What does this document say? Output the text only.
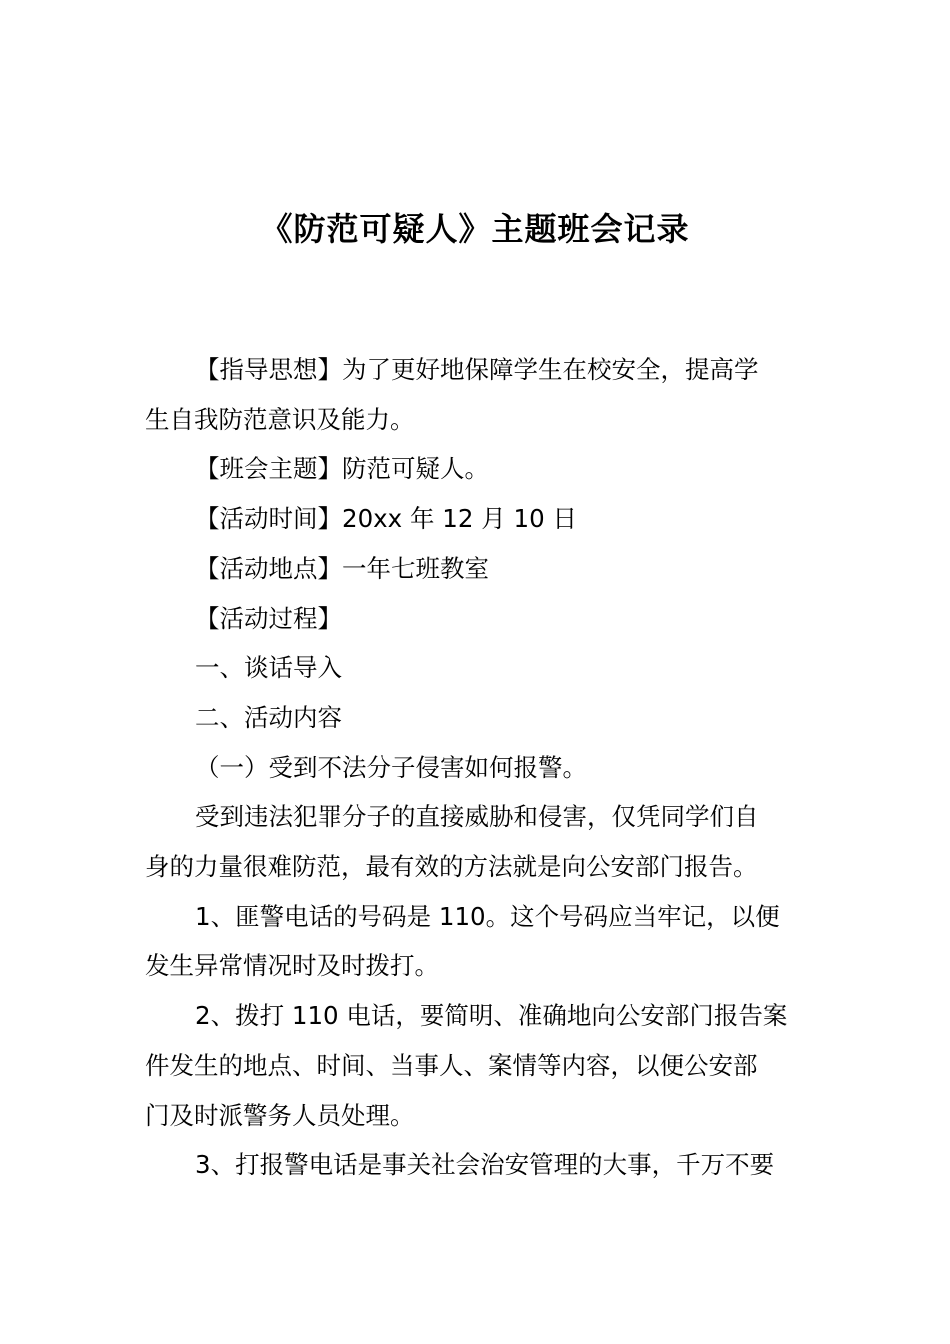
《防范可疑人》主题班会记录

【指导思想】为了更好地保障学生在校安全，提高学
生自我防范意识及能力。

【班会主题】防范可疑人。

【活动时间】20xx 年 12 月 10 日

【活动地点】一年七班教室

【活动过程】

一、谈话导入

二、活动内容

（一）受到不法分子侵害如何报警。

受到违法犯罪分子的直接威胁和侵害，仅凭同学们自
身的力量很难防范，最有效的方法就是向公安部门报告。

1、匪警电话的号码是 110。这个号码应当牢记，以便
发生异常情况时及时拨打。

2、拨打 110 电话，要简明、准确地向公安部门报告案
件发生的地点、时间、当事人、案情等内容，以便公安部
门及时派警务人员处理。

3、打报警电话是事关社会治安管理的大事，千万不要
